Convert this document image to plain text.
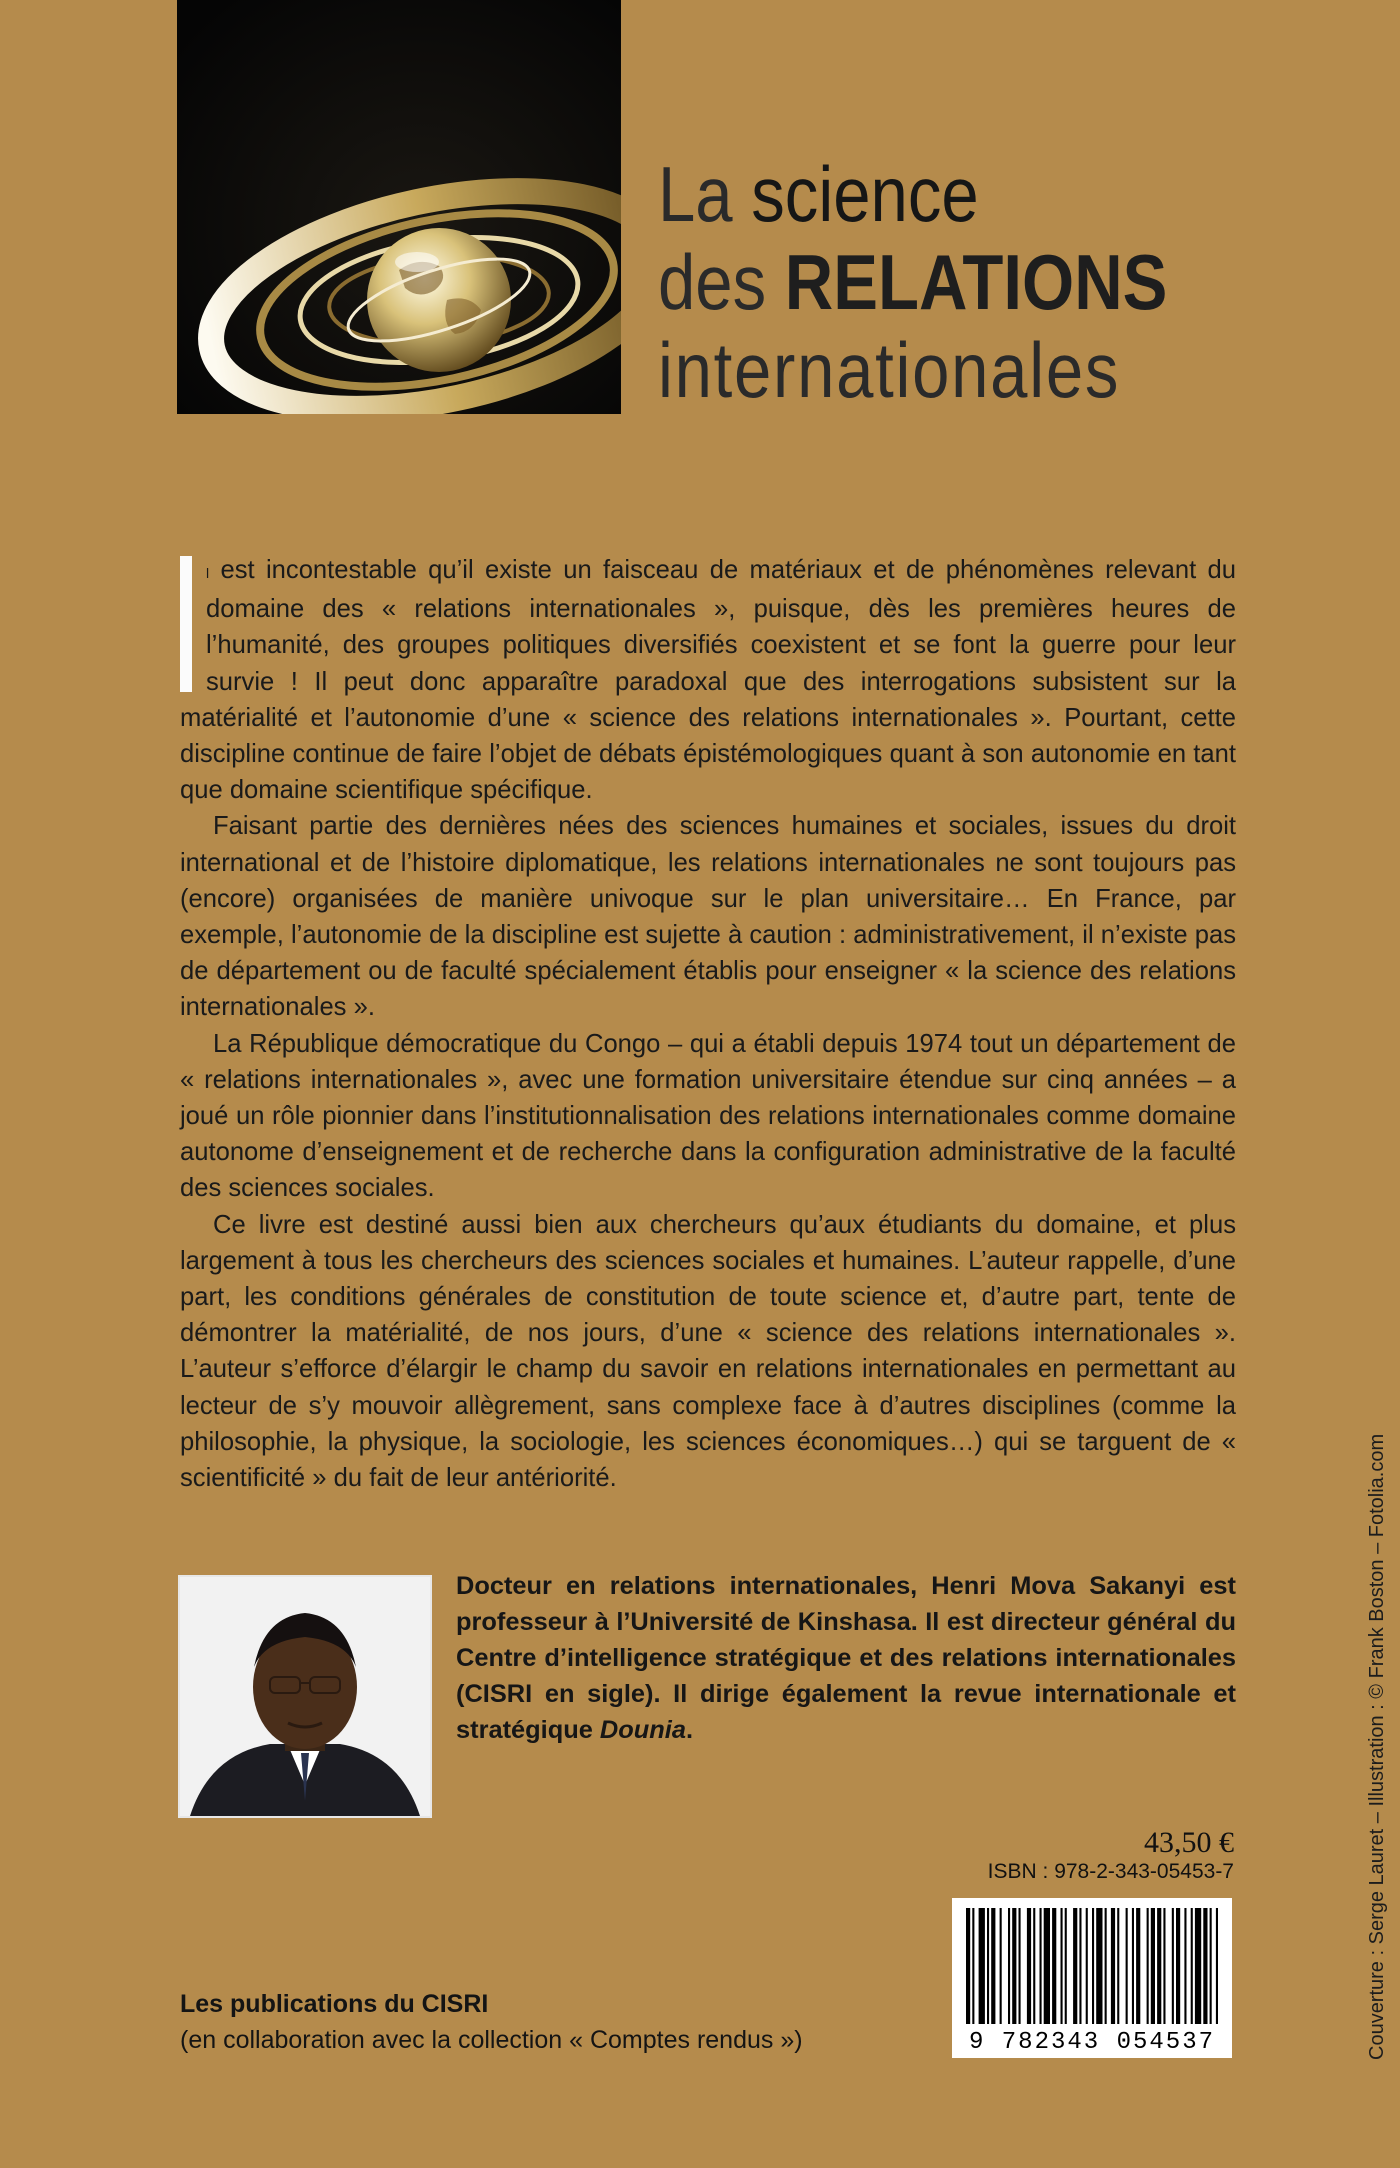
La science
des RELATIONS
internationales

l est incontestable qu’il existe un faisceau de matériaux et de phénomènes relevant du domaine des « relations internationales », puisque, dès les premières heures de l’humanité, des groupes politiques diversifiés coexistent et se font la guerre pour leur survie ! Il peut donc apparaître paradoxal que des interrogations subsistent sur la matérialité et l’autonomie d’une « science des relations internationales ». Pourtant, cette discipline continue de faire l’objet de débats épistémologiques quant à son autonomie en tant que domaine scientifique spécifique.

Faisant partie des dernières nées des sciences humaines et sociales, issues du droit international et de l’histoire diplomatique, les relations internationales ne sont toujours pas (encore) organisées de manière univoque sur le plan universitaire… En France, par exemple, l’autonomie de la discipline est sujette à caution : administrativement, il n’existe pas de département ou de faculté spécialement établis pour enseigner « la science des relations internationales ».

La République démocratique du Congo – qui a établi depuis 1974 tout un département de « relations internationales », avec une formation universitaire étendue sur cinq années – a joué un rôle pionnier dans l’institutionnalisation des relations internationales comme domaine autonome d’enseignement et de recherche dans la configuration administrative de la faculté des sciences sociales.

Ce livre est destiné aussi bien aux chercheurs qu’aux étudiants du domaine, et plus largement à tous les chercheurs des sciences sociales et humaines. L’auteur rappelle, d’une part, les conditions générales de constitution de toute science et, d’autre part, tente de démontrer la matérialité, de nos jours, d’une « science des relations internationales ». L’auteur s’efforce d’élargir le champ du savoir en relations internationales en permettant au lecteur de s’y mouvoir allègrement, sans complexe face à d’autres disciplines (comme la philosophie, la physique, la sociologie, les sciences économiques…) qui se targuent de « scientificité » du fait de leur antériorité.

Docteur en relations internationales, Henri Mova Sakanyi est professeur à l’Université de Kinshasa. Il est directeur général du Centre d’intelligence stratégique et des relations internationales (CISRI en sigle). Il dirige également la revue internationale et stratégique Dounia.
43,50 €
ISBN : 978-2-343-05453-7
9 782343 054537
Les publications du CISRI
(en collaboration avec la collection « Comptes rendus »)	Couverture : Serge Lauret – Illustration : © Frank Boston – Fotolia.com
